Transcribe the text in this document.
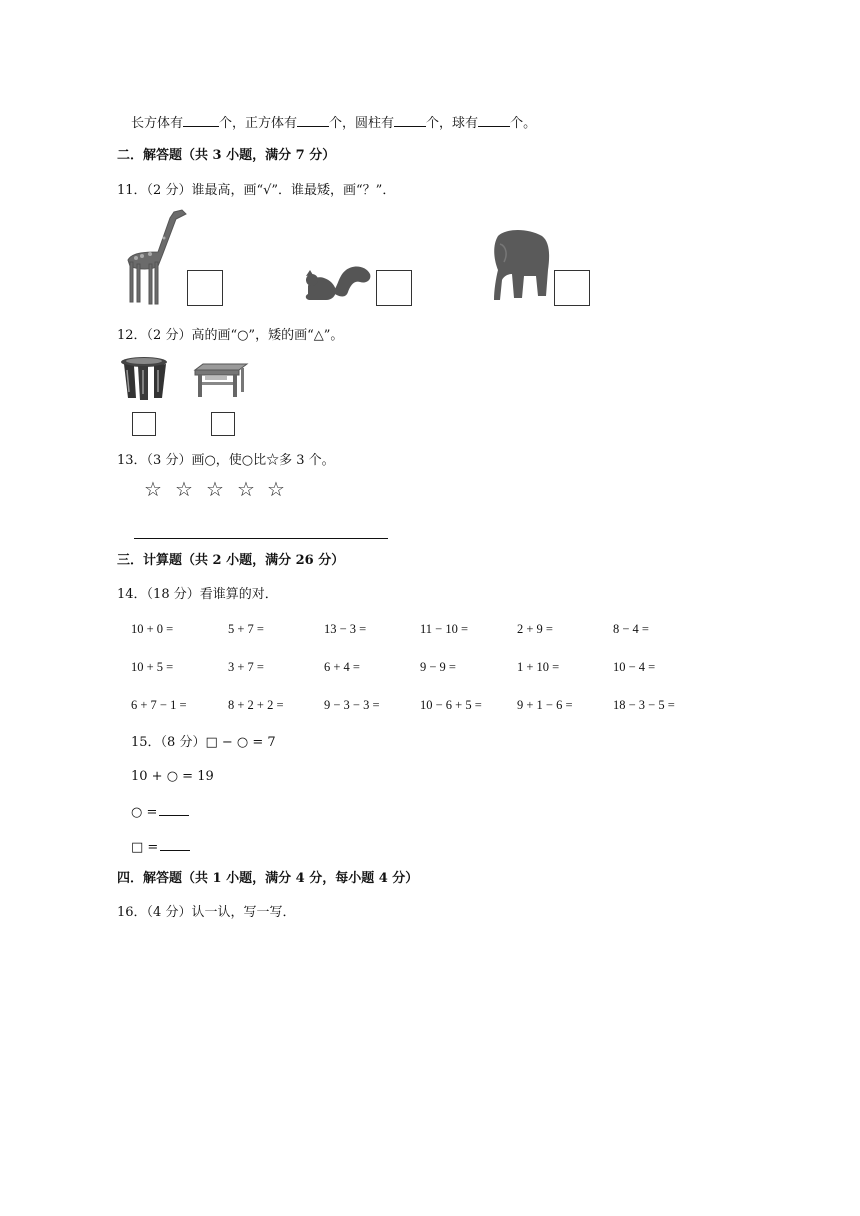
长方体有	个，正方体有 个，圆柱有 个，球有 个。
二．解答题（共 3 小题，满分 7 分）
11．（2 分）谁最高，画“√”．谁最矮，画“？”．
12．（2 分）高的画“○”，矮的画“△”。
13．（3 分）画○，使○比☆多 3 个。
☆ ☆ ☆ ☆ ☆
三．计算题（共 2 小题，满分 26 分）
14．（18 分）看谁算的对．
10 + 0 =	5 + 7 =	13 − 3 =	11 − 10 =	2 + 9 =	8 − 4 =
10 + 5 =	3 + 7 =	6 + 4 =	9 − 9 =	1 + 10 =	10 − 4 =
6 + 7 − 1 =	8 + 2 + 2 =	9 − 3 − 3 =	10 − 6 + 5 =	9 + 1 − 6 =	18 − 3 − 5 =
15．（8 分）□ − ○ = 7
10 + ○ = 19
○ =
□ =
四．解答题（共 1 小题，满分 4 分，每小题 4 分）
16．（4 分）认一认，写一写．
